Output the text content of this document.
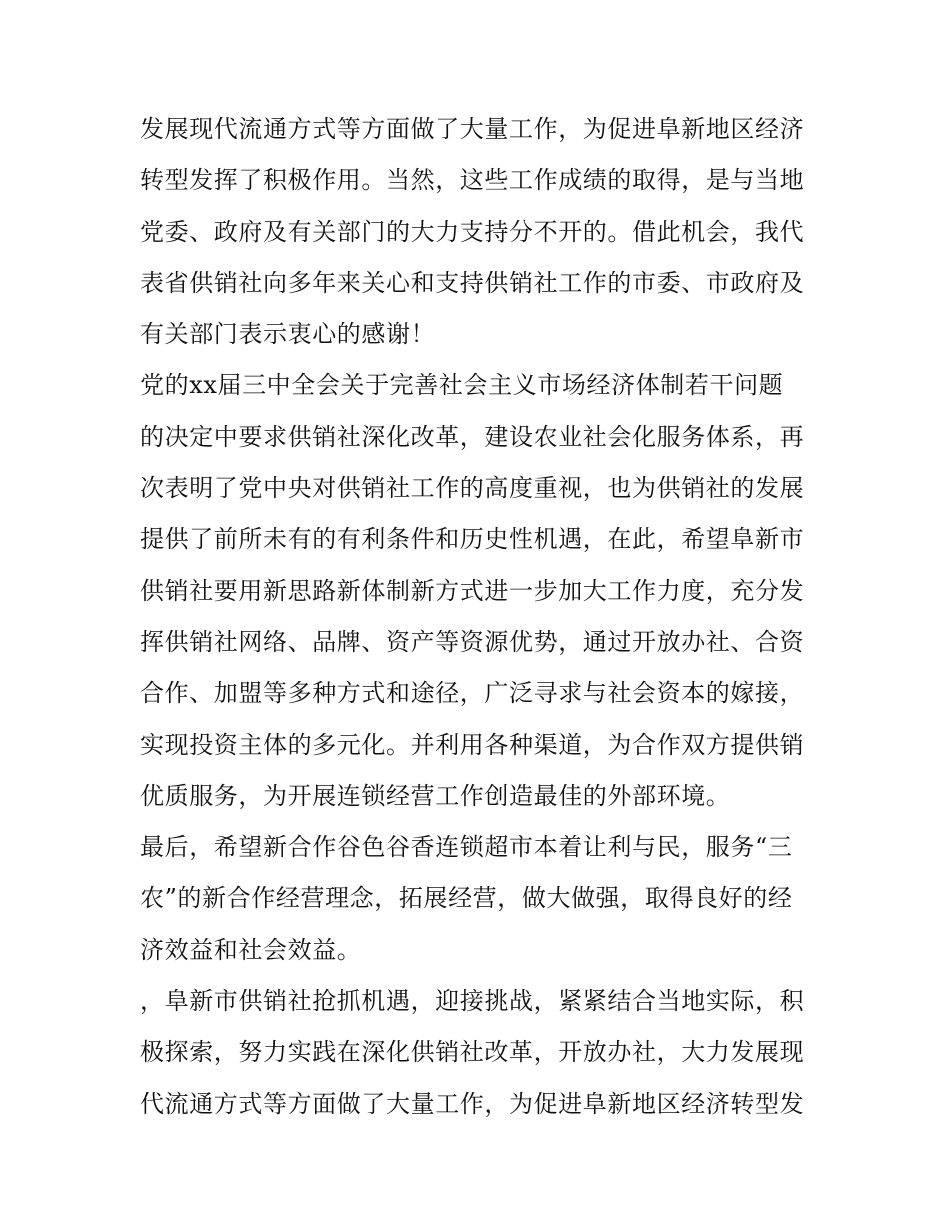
发展现代流通方式等方面做了大量工作，为促进阜新地区经济
转型发挥了积极作用。当然，这些工作成绩的取得，是与当地
党委、政府及有关部门的大力支持分不开的。借此机会，我代
表省供销社向多年来关心和支持供销社工作的市委、市政府及
有关部门表示衷心的感谢！
党的xx届三中全会关于完善社会主义市场经济体制若干问题
的决定中要求供销社深化改革，建设农业社会化服务体系，再
次表明了党中央对供销社工作的高度重视，也为供销社的发展
提供了前所未有的有利条件和历史性机遇，在此，希望阜新市
供销社要用新思路新体制新方式进一步加大工作力度，充分发
挥供销社网络、品牌、资产等资源优势，通过开放办社、合资
合作、加盟等多种方式和途径，广泛寻求与社会资本的嫁接，
实现投资主体的多元化。并利用各种渠道，为合作双方提供销
优质服务，为开展连锁经营工作创造最佳的外部环境。
最后，希望新合作谷色谷香连锁超市本着让利与民，服务“三
农”的新合作经营理念，拓展经营，做大做强，取得良好的经
济效益和社会效益。
，阜新市供销社抢抓机遇，迎接挑战，紧紧结合当地实际，积
极探索，努力实践在深化供销社改革，开放办社，大力发展现
代流通方式等方面做了大量工作，为促进阜新地区经济转型发
